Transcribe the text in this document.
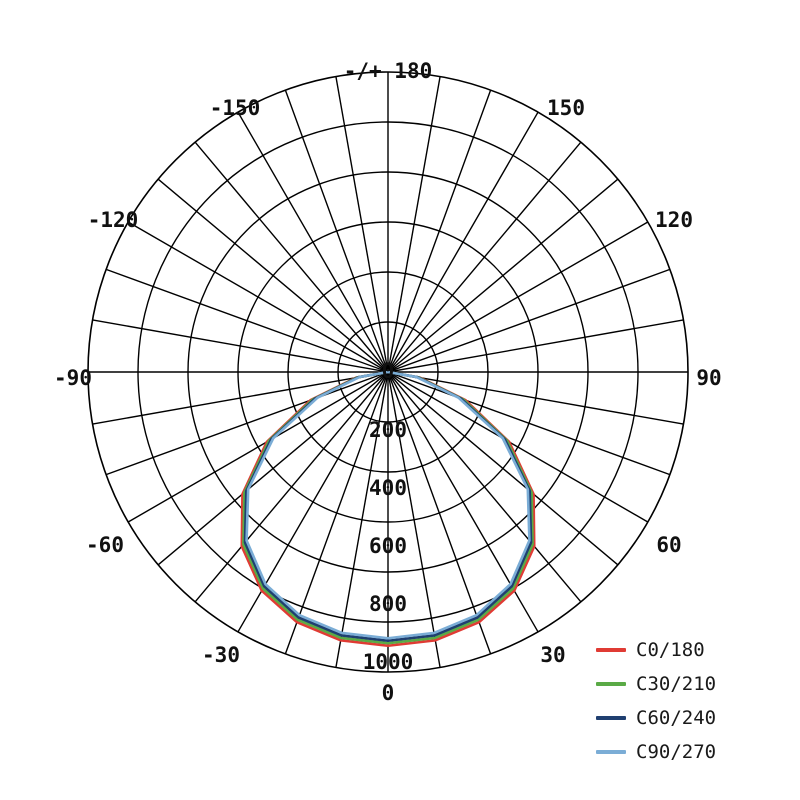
-/+ 180
-150	150
-120	120
-90	90
-60	60
-30	30
0
0
200
400
600
800
1000	C0/180
C30/210
C60/240
C90/270
